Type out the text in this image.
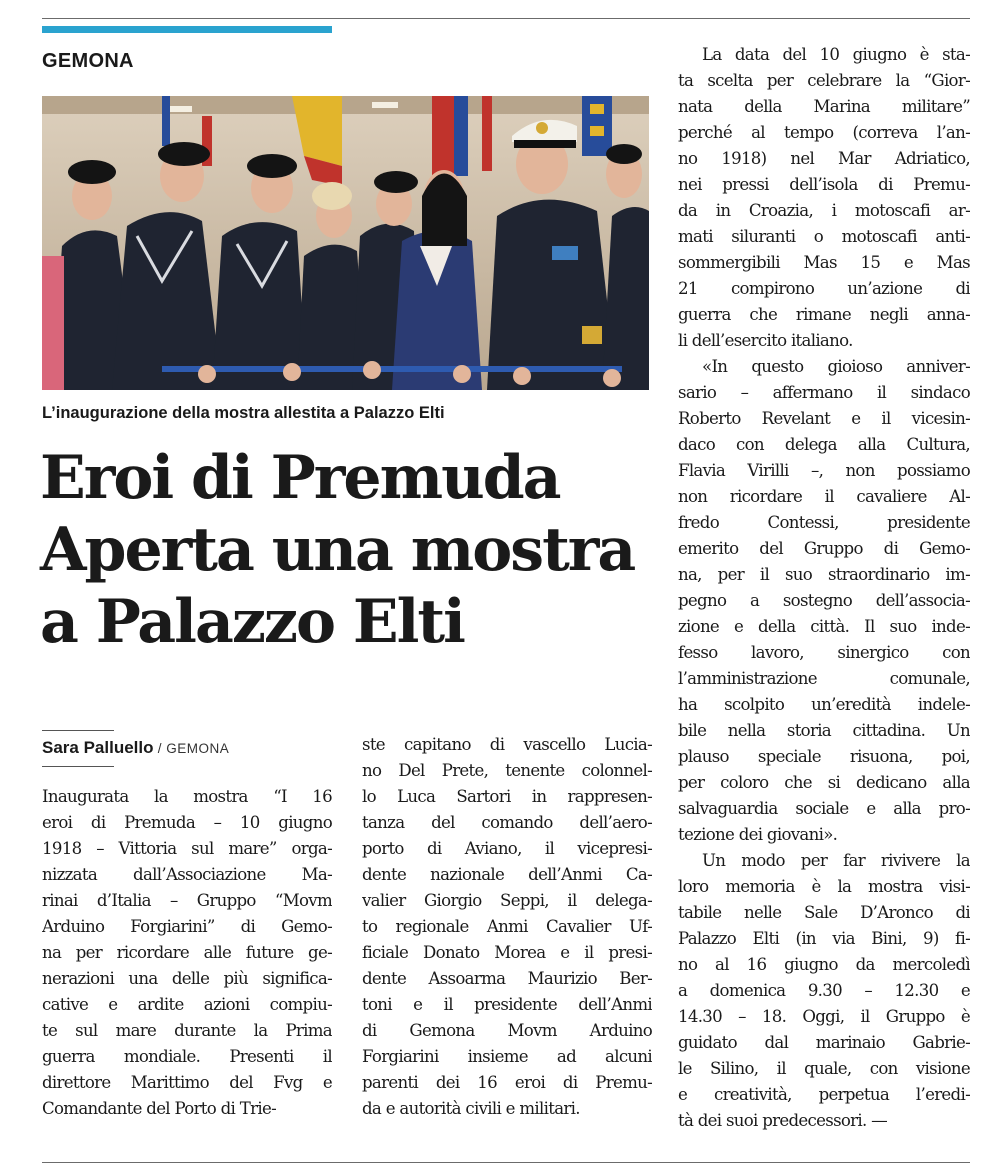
GEMONA
L’inaugurazione della mostra allestita a Palazzo Elti
Eroi di Premuda
Aperta una mostra
a Palazzo Elti
Sara Palluello / GEMONA
Inaugurata la mostra “I 16
eroi di Premuda – 10 giugno
1918 – Vittoria sul mare” orga-
nizzata dall’Associazione Ma-
rinai d’Italia – Gruppo “Movm
Arduino Forgiarini” di Gemo-
na per ricordare alle future ge-
nerazioni una delle più significa-
cative e ardite azioni compiu-
te sul mare durante la Prima
guerra mondiale. Presenti il
direttore Marittimo del Fvg e
Comandante del Porto di Trie-
ste capitano di vascello Lucia-
no Del Prete, tenente colonnel-
lo Luca Sartori in rappresen-
tanza del comando dell’aero-
porto di Aviano, il vicepresi-
dente nazionale dell’Anmi Ca-
valier Giorgio Seppi, il delega-
to regionale Anmi Cavalier Uf-
ficiale Donato Morea e il presi-
dente Assoarma Maurizio Ber-
toni e il presidente dell’Anmi
di Gemona Movm Arduino
Forgiarini insieme ad alcuni
parenti dei 16 eroi di Premu-
da e autorità civili e militari.
La data del 10 giugno è sta-
ta scelta per celebrare la “Gior-
nata della Marina militare”
perché al tempo (correva l’an-
no 1918) nel Mar Adriatico,
nei pressi dell’isola di Premu-
da in Croazia, i motoscafi ar-
mati siluranti o motoscafi anti-
sommergibili Mas 15 e Mas
21 compirono un’azione di
guerra che rimane negli anna-
li dell’esercito italiano.
«In questo gioioso anniver-
sario – affermano il sindaco
Roberto Revelant e il vicesin-
daco con delega alla Cultura,
Flavia Virilli –, non possiamo
non ricordare il cavaliere Al-
fredo Contessi, presidente
emerito del Gruppo di Gemo-
na, per il suo straordinario im-
pegno a sostegno dell’associa-
zione e della città. Il suo inde-
fesso lavoro, sinergico con
l’amministrazione comunale,
ha scolpito un’eredità indele-
bile nella storia cittadina. Un
plauso speciale risuona, poi,
per coloro che si dedicano alla
salvaguardia sociale e alla pro-
tezione dei giovani».
Un modo per far rivivere la
loro memoria è la mostra visi-
tabile nelle Sale D’Aronco di
Palazzo Elti (in via Bini, 9) fi-
no al 16 giugno da mercoledì
a domenica 9.30 – 12.30 e
14.30 – 18. Oggi, il Gruppo è
guidato dal marinaio Gabrie-
le Silino, il quale, con visione
e creatività, perpetua l’eredi-
tà dei suoi predecessori. —
